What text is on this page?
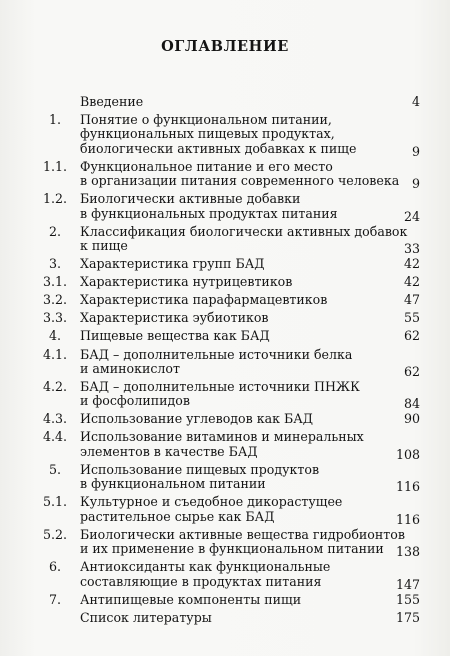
ОГЛАВЛЕНИЕ
Введение	4
1.	Понятие о функциональном питании,
функциональных пищевых продуктах,
биологически активных добавках к пище	9
1.1.	Функциональное питание и его место
в организации питания современного человека	9
1.2.	Биологически активные добавки
в функциональных продуктах питания	24
2.	Классификация биологически активных добавок
к пище	33
3.	Характеристика групп БАД	42
3.1.	Характеристика нутрицевтиков	42
3.2.	Характеристика парафармацевтиков	47
3.3.	Характеристика эубиотиков	55
4.	Пищевые вещества как БАД	62
4.1.	БАД – дополнительные источники белка
и аминокислот	62
4.2.	БАД – дополнительные источники ПНЖК
и фосфолипидов	84
4.3.	Использование углеводов как БАД	90
4.4.	Использование витаминов и минеральных
элементов в качестве БАД	108
5.	Использование пищевых продуктов
в функциональном питании	116
5.1.	Культурное и съедобное дикорастущее
растительное сырье как БАД	116
5.2.	Биологически активные вещества гидробионтов
и их применение в функциональном питании 138
6.	Антиоксиданты как функциональные
составляющие в продуктах питания	147
7.	Антипищевые компоненты пищи	155
Список литературы	175
